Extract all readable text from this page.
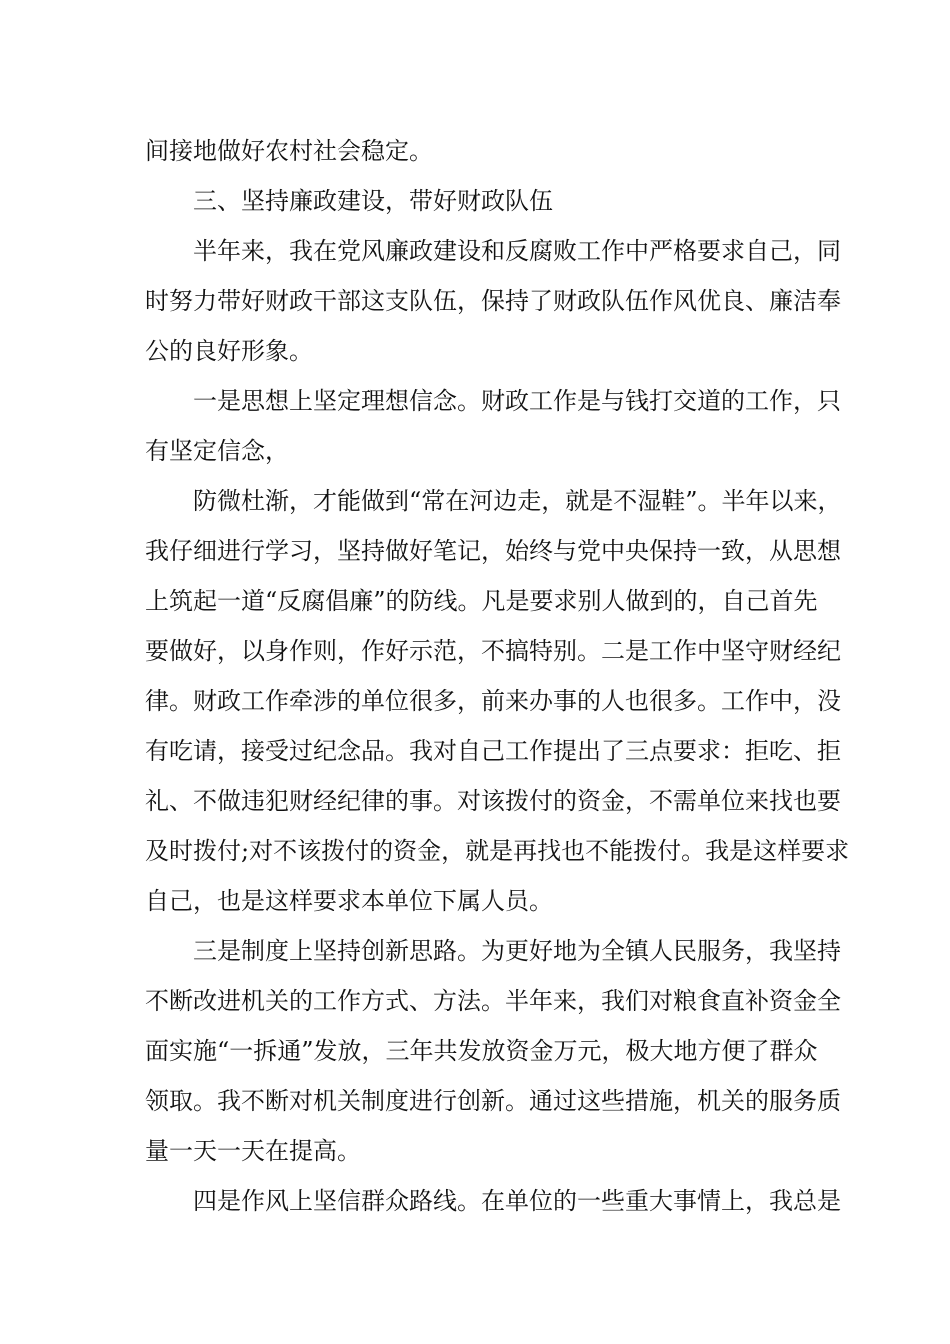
间接地做好农村社会稳定。

三、坚持廉政建设，带好财政队伍

半年来，我在党风廉政建设和反腐败工作中严格要求自己，同

时努力带好财政干部这支队伍，保持了财政队伍作风优良、廉洁奉

公的良好形象。

一是思想上坚定理想信念。财政工作是与钱打交道的工作，只

有坚定信念，

防微杜渐，才能做到“常在河边走，就是不湿鞋”。半年以来，

我仔细进行学习，坚持做好笔记，始终与党中央保持一致，从思想

上筑起一道“反腐倡廉”的防线。凡是要求别人做到的，自己首先

要做好，以身作则，作好示范，不搞特别。二是工作中坚守财经纪

律。财政工作牵涉的单位很多，前来办事的人也很多。工作中，没

有吃请，接受过纪念品。我对自己工作提出了三点要求：拒吃、拒

礼、不做违犯财经纪律的事。对该拨付的资金，不需单位来找也要

及时拨付;对不该拨付的资金，就是再找也不能拨付。我是这样要求

自己，也是这样要求本单位下属人员。

三是制度上坚持创新思路。为更好地为全镇人民服务，我坚持

不断改进机关的工作方式、方法。半年来，我们对粮食直补资金全

面实施“一拆通”发放，三年共发放资金万元，极大地方便了群众

领取。我不断对机关制度进行创新。通过这些措施，机关的服务质

量一天一天在提高。

四是作风上坚信群众路线。在单位的一些重大事情上，我总是
